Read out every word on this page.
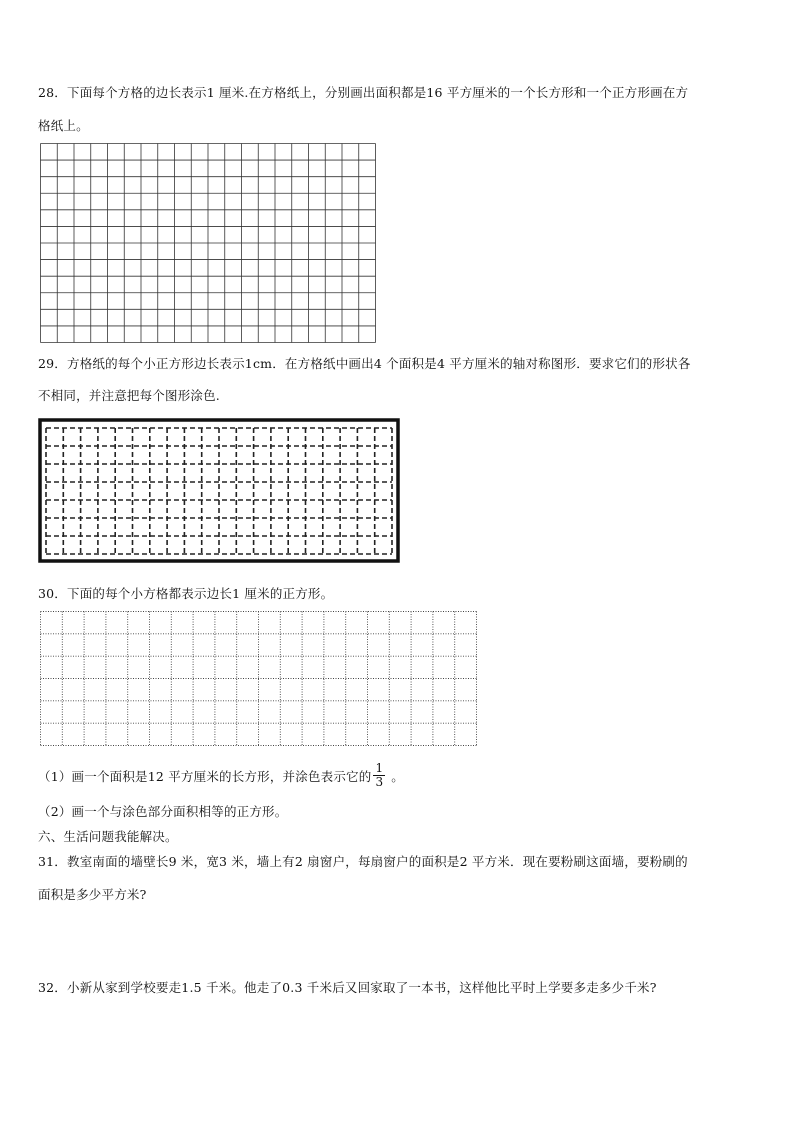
28．下面每个方格的边长表示1 厘米.在方格纸上，分别画出面积都是16 平方厘米的一个长方形和一个正方形画在方
格纸上。
29．方格纸的每个小正方形边长表示1cm．在方格纸中画出4 个面积是4 平方厘米的轴对称图形．要求它们的形状各
不相同，并注意把每个图形涂色.
30．下面的每个小方格都表示边长1 厘米的正方形。
（1）画一个面积是12 平方厘米的长方形，并涂色表示它的 $\frac{1}{3}$ 。
（2）画一个与涂色部分面积相等的正方形。
六、生活问题我能解决。
31．教室南面的墙壁长9 米，宽3 米，墙上有2 扇窗户，每扇窗户的面积是2 平方米．现在要粉刷这面墙，要粉刷的
面积是多少平方米?
32．小新从家到学校要走1.5 千米。他走了0.3 千米后又回家取了一本书，这样他比平时上学要多走多少千米?
